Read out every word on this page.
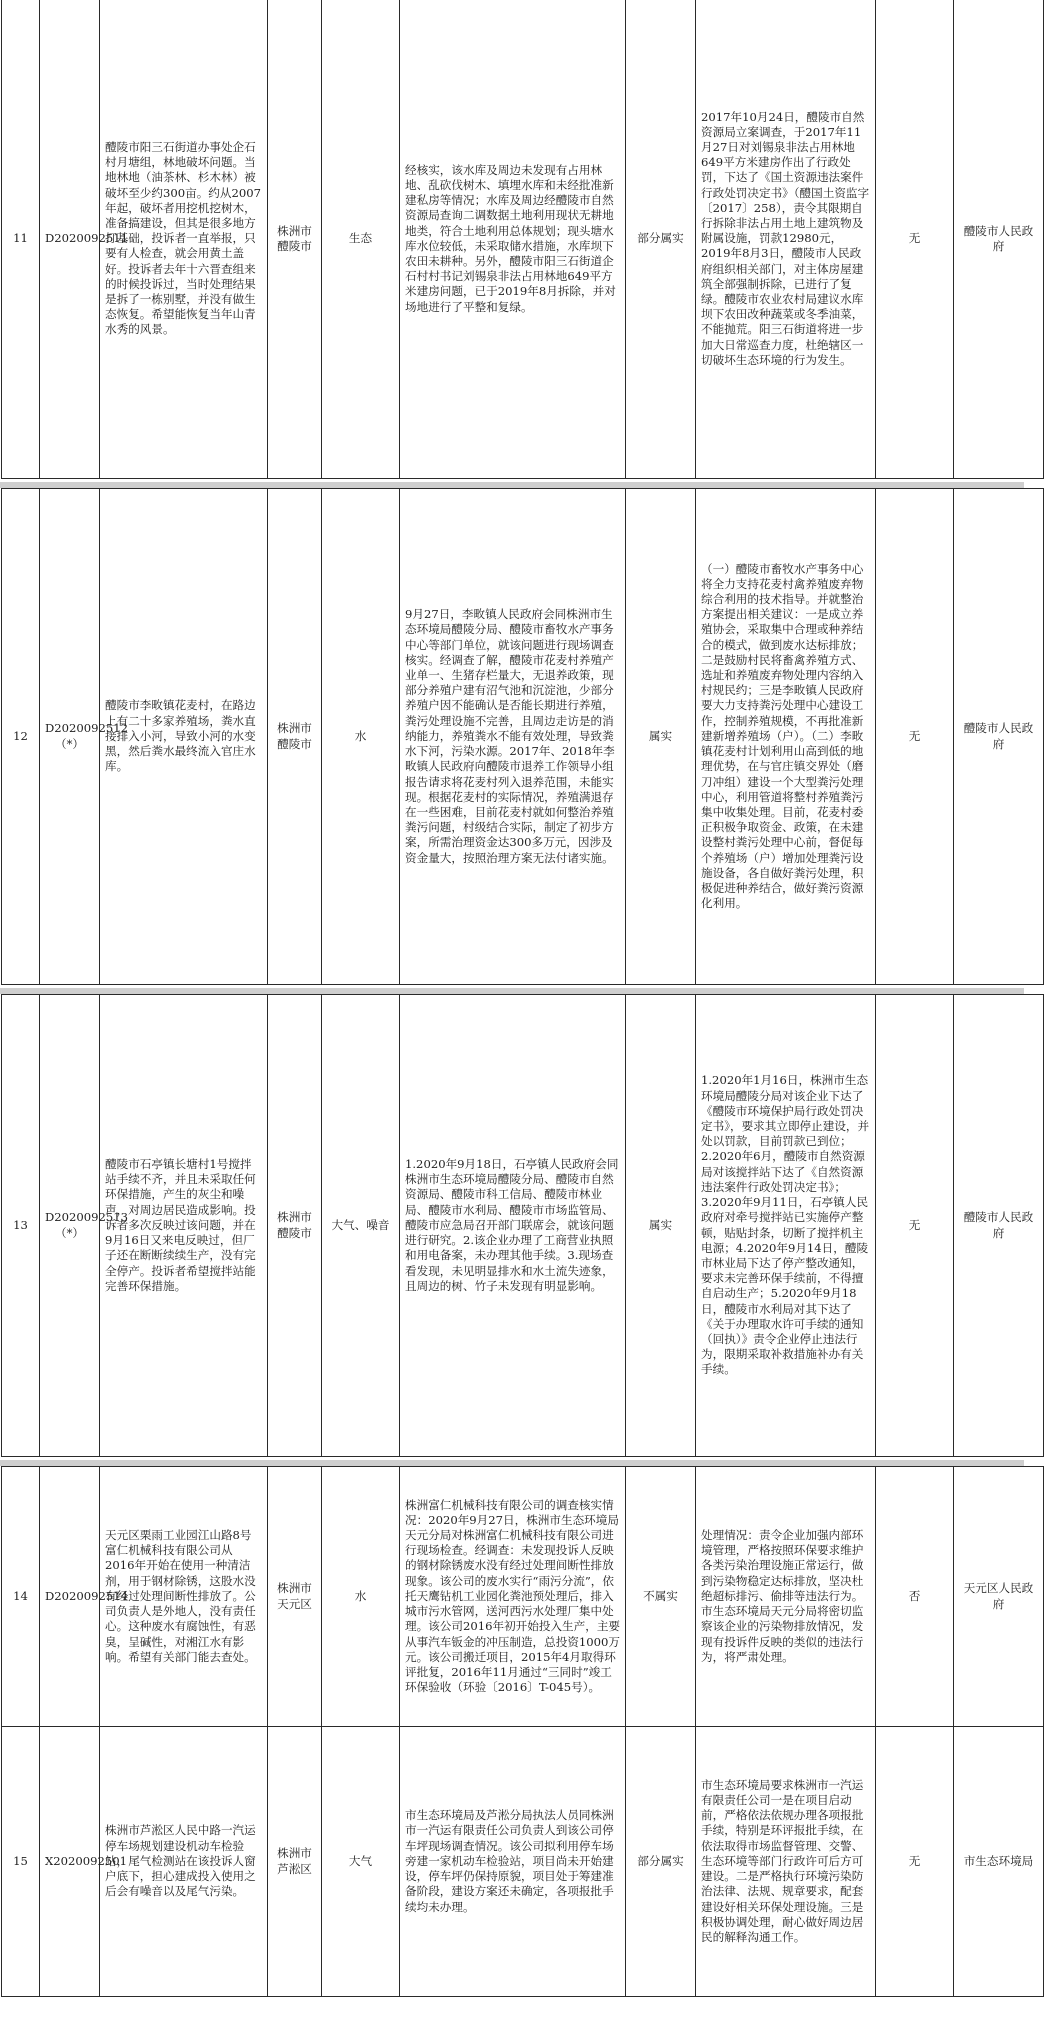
11	D2020092511	醴陵市阳三石街道办事处企石村月塘组，林地破坏问题。当地林地（油茶林、杉木林）被破坏至少约300亩。约从2007年起，破坏者用挖机挖树木，准备搞建设，但其是很多地方打基础，投诉者一直举报，只要有人检查，就会用黄土盖好。投诉者去年十六晋查组来的时候投诉过，当时处理结果是拆了一栋别墅，并没有做生态恢复。希望能恢复当年山青水秀的风景。	株洲市醴陵市	生态	经核实，该水库及周边未发现有占用林地、乱砍伐树木、填埋水库和未经批准新建私房等情况；水库及周边经醴陵市自然资源局查询二调数据土地利用现状无耕地地类，符合土地利用总体规划；现头塘水库水位较低，未采取储水措施，水库坝下农田未耕种。另外，醴陵市阳三石街道企石村村书记刘锡泉非法占用林地649平方米建房问题，已于2019年8月拆除，并对场地进行了平整和复绿。	部分属实	2017年10月24日，醴陵市自然资源局立案调查，于2017年11月27日对刘锡泉非法占用林地649平方米建房作出了行政处罚，下达了《国土资源违法案件行政处罚决定书》（醴国土资监字〔2017〕258），责令其限期自行拆除非法占用土地上建筑物及附属设施，罚款12980元，2019年8月3日，醴陵市人民政府组织相关部门，对主体房屋建筑全部强制拆除，已进行了复绿。醴陵市农业农村局建议水库坝下农田改种蔬菜或冬季油菜，不能抛荒。阳三石街道将进一步加大日常巡查力度，杜绝辖区一切破坏生态环境的行为发生。	无	醴陵市人民政府
12	D2020092512（*）	醴陵市李畋镇花麦村，在路边上有二十多家养殖场，粪水直接排入小河，导致小河的水变黑，然后粪水最终流入官庄水库。	株洲市醴陵市	水	9月27日，李畋镇人民政府会同株洲市生态环境局醴陵分局、醴陵市畜牧水产事务中心等部门单位，就该问题进行现场调查核实。经调查了解，醴陵市花麦村养殖产业单一、生猪存栏量大，无退养政策，现部分养殖户建有沼气池和沉淀池，少部分养殖户因不能确认是否能长期进行养殖，粪污处理设施不完善，且周边走访是的消纳能力，养殖粪水不能有效处理，导致粪水下河，污染水源。2017年、2018年李畋镇人民政府向醴陵市退养工作领导小组报告请求将花麦村列入退养范围，未能实现。根据花麦村的实际情况，养殖满退存在一些困难，目前花麦村就如何整治养殖粪污问题，村级结合实际，制定了初步方案，所需治理资金达300多万元，因涉及资金量大，按照治理方案无法付诸实施。	属实	（一）醴陵市畜牧水产事务中心将全力支持花麦村禽养殖废弃物综合利用的技术指导。并就整治方案提出相关建议：一是成立养殖协会，采取集中合理或种养结合的模式，做到废水达标排放；二是鼓励村民将畜禽养殖方式、选址和养殖废弃物处理内容纳入村规民约；三是李畋镇人民政府要大力支持粪污处理中心建设工作，控制养殖规模，不再批准新建新增养殖场（户）。（二）李畋镇花麦村计划利用山高到低的地理优势，在与官庄镇交界处（磨刀冲组）建设一个大型粪污处理中心，利用管道将整村养殖粪污集中收集处理。目前，花麦村委正积极争取资金、政策，在未建设整村粪污处理中心前，督促每个养殖场（户）增加处理粪污设施设备，各自做好粪污处理，积极促进种养结合，做好粪污资源化利用。	无	醴陵市人民政府
13	D2020092513（*）	醴陵市石亭镇长塘村1号搅拌站手续不齐，并且未采取任何环保措施，产生的灰尘和噪声，对周边居民造成影响。投诉者多次反映过该问题，并在9月16日又来电反映过，但厂子还在断断续续生产，没有完全停产。投诉者希望搅拌站能完善环保措施。	株洲市醴陵市	大气、噪音	1.2020年9月18日，石亭镇人民政府会同株洲市生态环境局醴陵分局、醴陵市自然资源局、醴陵市科工信局、醴陵市林业局、醴陵市水利局、醴陵市市场监管局、醴陵市应急局召开部门联席会，就该问题进行研究。2.该企业办理了工商营业执照和用电备案，未办理其他手续。3.现场查看发现，未见明显排水和水土流失迹象，且周边的树、竹子未发现有明显影响。	属实	1.2020年1月16日，株洲市生态环境局醴陵分局对该企业下达了《醴陵市环境保护局行政处罚决定书》，要求其立即停止建设，并处以罚款，目前罚款已到位；2.2020年6月，醴陵市自然资源局对该搅拌站下达了《自然资源违法案件行政处罚决定书》；3.2020年9月11日，石亭镇人民政府对牵号搅拌站已实施停产整顿，贴贴封条，切断了搅拌机主电源；4.2020年9月14日，醴陵市林业局下达了停产整改通知，要求未完善环保手续前，不得擅自启动生产；5.2020年9月18日，醴陵市水利局对其下达了《关于办理取水许可手续的通知（回执）》责令企业停止违法行为，限期采取补救措施补办有关手续。	无	醴陵市人民政府
14	D2020092514	天元区栗雨工业园江山路8号富仁机械科技有限公司从2016年开始在使用一种清洁剂，用于钢材除锈，这股水没有经过处理间断性排放了。公司负责人是外地人，没有责任心。这种废水有腐蚀性，有恶臭，呈碱性，对湘江水有影响。希望有关部门能去查处。	株洲市天元区	水	株洲富仁机械科技有限公司的调查核实情况：2020年9月27日，株洲市生态环境局天元分局对株洲富仁机械科技有限公司进行现场检查。经调查：未发现投诉人反映的钢材除锈废水没有经过处理间断性排放现象。该公司的废水实行“雨污分流”，依托天鹰钻机工业园化粪池预处理后，排入城市污水管网，送河西污水处理厂集中处理。该公司2016年初开始投入生产，主要从事汽车钣金的冲压制造，总投资1000万元。该公司搬迁项目，2015年4月取得环评批复，2016年11月通过“三同时”竣工环保验收（环验〔2016〕T-045号）。	不属实	处理情况：责令企业加强内部环境管理，严格按照环保要求维护各类污染治理设施正常运行，做到污染物稳定达标排放，坚决杜绝超标排污、偷排等违法行为。市生态环境局天元分局将密切监察该企业的污染物排放情况，发现有投诉件反映的类似的违法行为，将严肃处理。	否	天元区人民政府
15	X2020092501	株洲市芦淞区人民中路一汽运停车场规划建设机动车检验站，尾气检测站在该投诉人窗户底下，担心建成投入使用之后会有噪音以及尾气污染。	株洲市芦淞区	大气	市生态环境局及芦淞分局执法人员同株洲市一汽运有限责任公司负责人到该公司停车坪现场调查情况。该公司拟利用停车场旁建一家机动车检验站，项目尚未开始建设，停车坪仍保持原貌，项目处于筹建准备阶段，建设方案还未确定，各项报批手续均未办理。	部分属实	市生态环境局要求株洲市一汽运有限责任公司一是在项目启动前，严格依法依规办理各项报批手续，特别是环评报批手续，在依法取得市场监督管理、交警、生态环境等部门行政许可后方可建设。二是严格执行环境污染防治法律、法规、规章要求，配套建设好相关环保处理设施。三是积极协调处理，耐心做好周边居民的解释沟通工作。	无	市生态环境局
